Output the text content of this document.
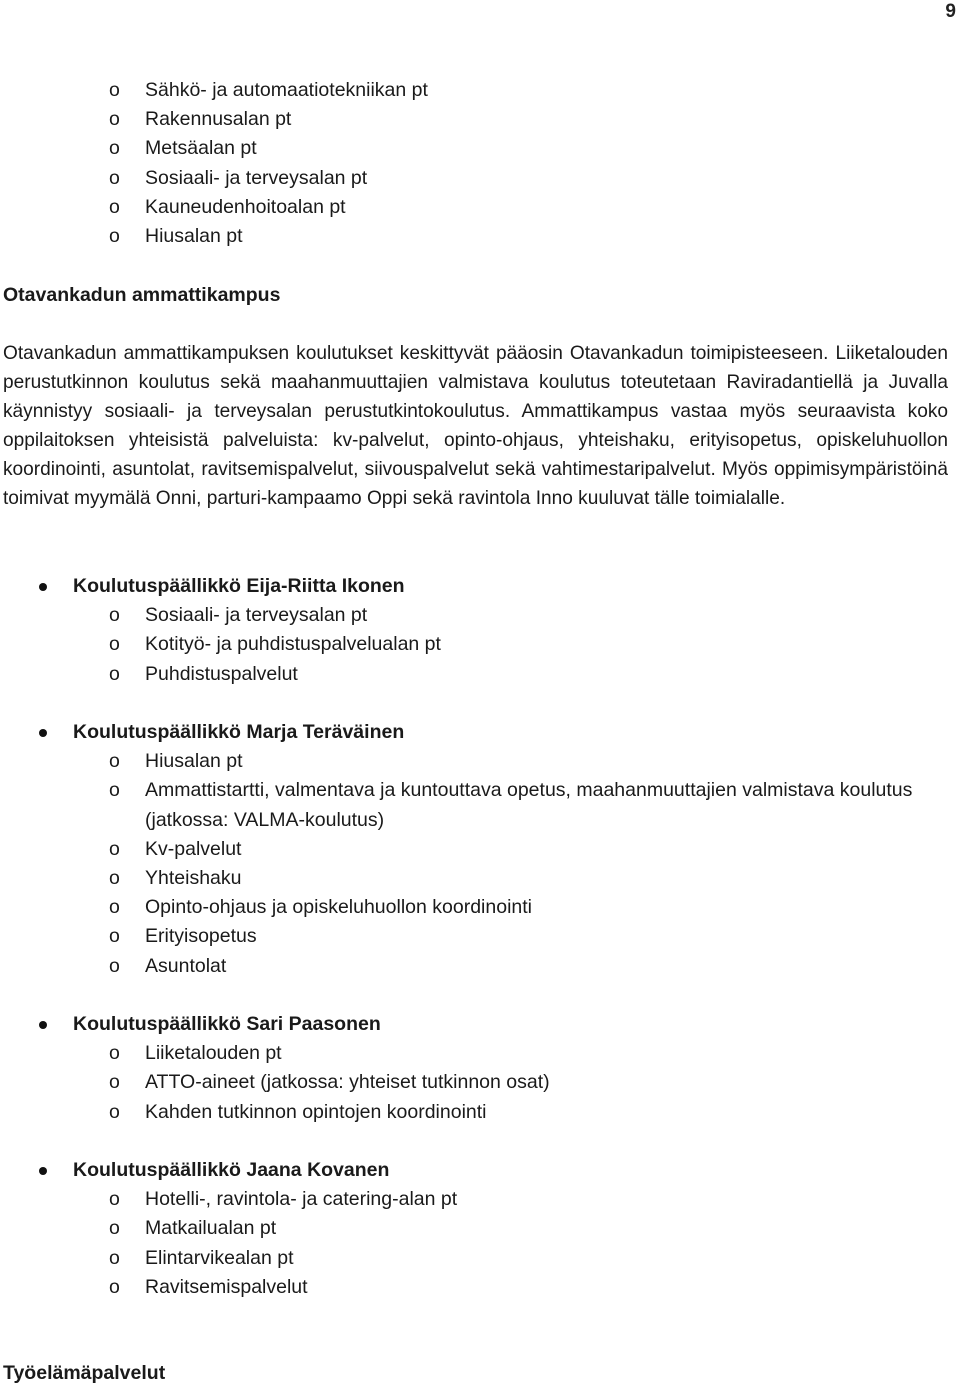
9
o Sähkö- ja automaatiotekniikan pt
o Rakennusalan pt
o Metsäalan pt
o Sosiaali- ja terveysalan pt
o Kauneudenhoitoalan pt
o Hiusalan pt
Otavankadun ammattikampus
Otavankadun ammattikampuksen koulutukset keskittyvät pääosin Otavankadun toimipisteeseen. Liiketalouden perustutkinnon koulutus sekä maahanmuuttajien valmistava koulutus toteutetaan Raviradantiellä ja Juvalla käynnistyy sosiaali- ja terveysalan perustutkintokoulutus. Ammattikampus vastaa myös seuraavista koko oppilaitoksen yhteisistä palveluista: kv-palvelut, opinto-ohjaus, yhteishaku, erityisopetus, opiskeluhuollon koordinointi, asuntolat, ravitsemispalvelut, siivouspalvelut sekä vahtimestaripalvelut. Myös oppimisympäristöinä toimivat myymälä Onni, parturi-kampaamo Oppi sekä ravintola Inno kuuluvat tälle toimialalle.
Koulutuspäällikkö Eija-Riitta Ikonen
o Sosiaali- ja terveysalan pt
o Kotityö- ja puhdistuspalvelualan pt
o Puhdistuspalvelut
Koulutuspäällikkö Marja Teräväinen
o Hiusalan pt
o Ammattistartti, valmentava ja kuntouttava opetus, maahanmuuttajien valmistava koulutus (jatkossa: VALMA-koulutus)
o Kv-palvelut
o Yhteishaku
o Opinto-ohjaus ja opiskeluhuollon koordinointi
o Erityisopetus
o Asuntolat
Koulutuspäällikkö Sari Paasonen
o Liiketalouden pt
o ATTO-aineet (jatkossa: yhteiset tutkinnon osat)
o Kahden tutkinnon opintojen koordinointi
Koulutuspäällikkö Jaana Kovanen
o Hotelli-, ravintola- ja catering-alan pt
o Matkailualan pt
o Elintarvikealan pt
o Ravitsemispalvelut
Työelämäpalvelut
